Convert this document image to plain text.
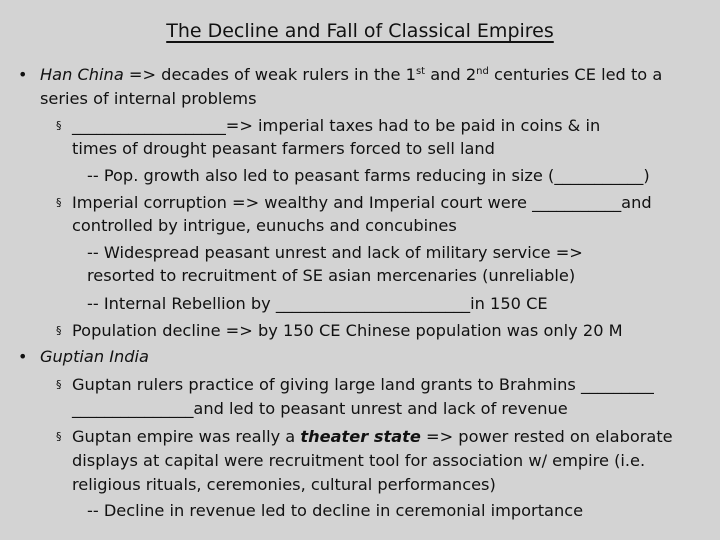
The Decline and Fall of Classical Empires
• Han China => decades of weak rulers in the 1st and 2nd centuries CE led to a
series of internal problems
§ ___________________=> imperial taxes had to be paid in coins & in
times of drought peasant farmers forced to sell land
-- Pop. growth also led to peasant farms reducing in size (___________)
§ Imperial corruption => wealthy and Imperial court were ___________and
controlled by intrigue, eunuchs and concubines
-- Widespread peasant unrest and lack of military service =>
resorted to recruitment of SE asian mercenaries (unreliable)
-- Internal Rebellion by ________________________in 150 CE
§ Population decline => by 150 CE Chinese population was only 20 M
• Guptian India
§ Guptan rulers practice of giving large land grants to Brahmins _________
_______________and led to peasant unrest and lack of revenue
§ Guptan empire was really a theater state => power rested on elaborate
displays at capital were recruitment tool for association w/ empire (i.e.
religious rituals, ceremonies, cultural performances)
-- Decline in revenue led to decline in ceremonial importance
